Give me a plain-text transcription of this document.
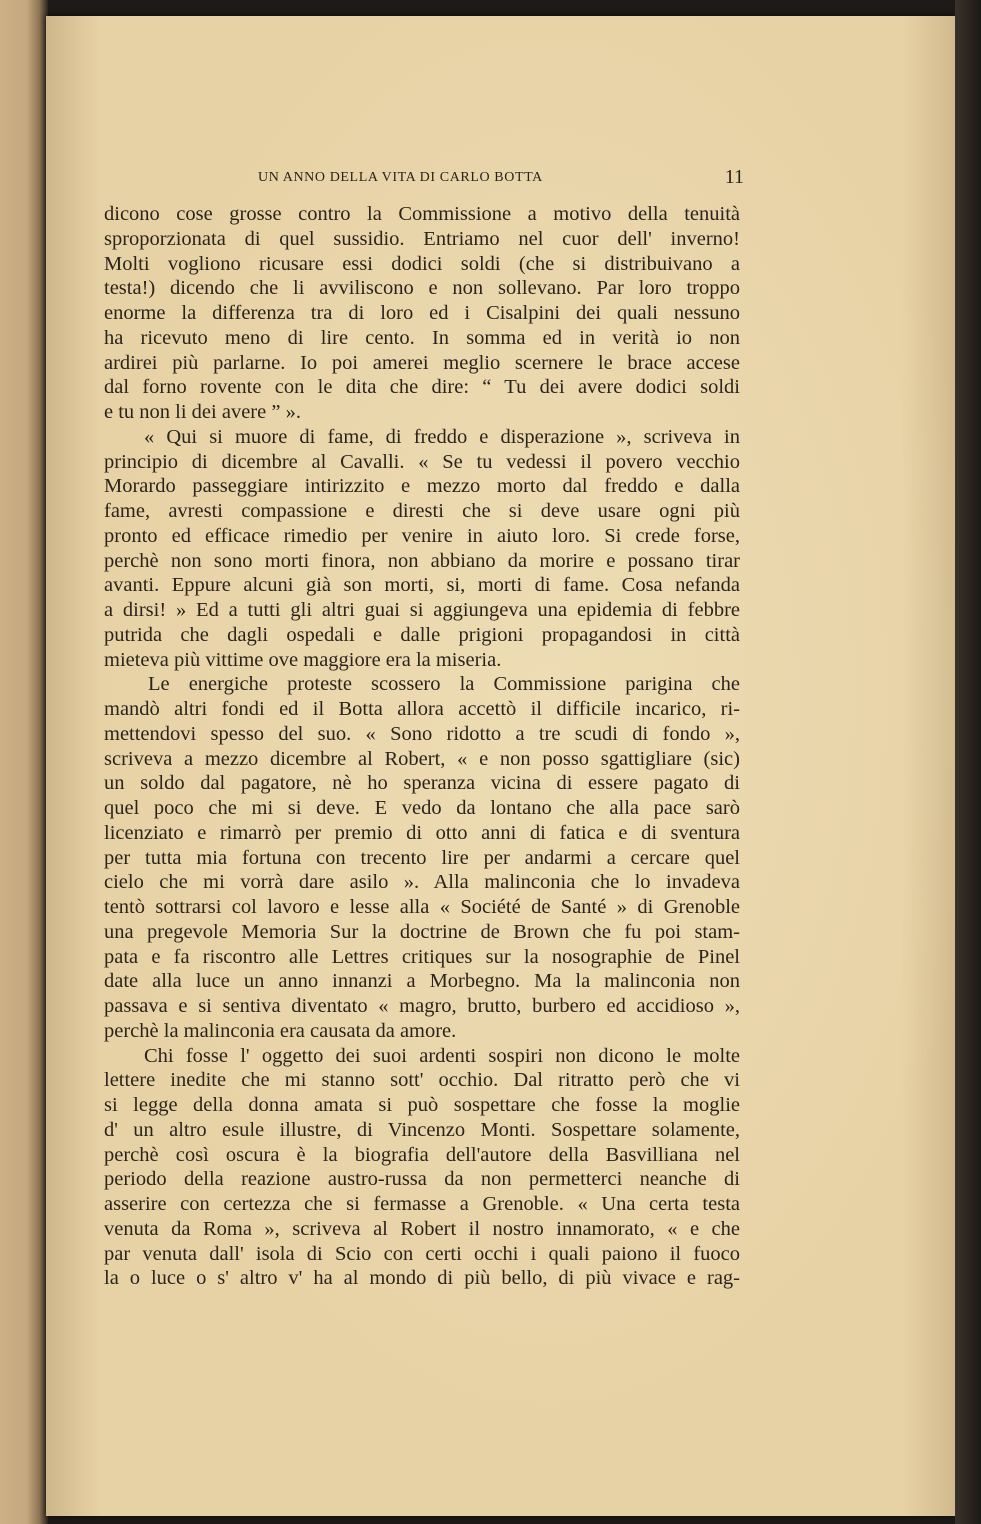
UN ANNO DELLA VITA DI CARLO BOTTA	11
dicono cose grosse contro la Commissione a motivo della tenuità
sproporzionata di quel sussidio. Entriamo nel cuor dell' inverno!
Molti vogliono ricusare essi dodici soldi (che si distribuivano a
testa!) dicendo che li avviliscono e non sollevano. Par loro troppo
enorme la differenza tra di loro ed i Cisalpini dei quali nessuno
ha ricevuto meno di lire cento. In somma ed in verità io non
ardirei più parlarne. Io poi amerei meglio scernere le brace accese
dal forno rovente con le dita che dire: “ Tu dei avere dodici soldi
e tu non li dei avere ” ».
« Qui si muore di fame, di freddo e disperazione », scriveva in
principio di dicembre al Cavalli. « Se tu vedessi il povero vecchio
Morardo passeggiare intirizzito e mezzo morto dal freddo e dalla
fame, avresti compassione e diresti che si deve usare ogni più
pronto ed efficace rimedio per venire in aiuto loro. Si crede forse,
perchè non sono morti finora, non abbiano da morire e possano tirar
avanti. Eppure alcuni già son morti, si, morti di fame. Cosa nefanda
a dirsi! » Ed a tutti gli altri guai si aggiungeva una epidemia di febbre
putrida che dagli ospedali e dalle prigioni propagandosi in città
mieteva più vittime ove maggiore era la miseria.
Le energiche proteste scossero la Commissione parigina che
mandò altri fondi ed il Botta allora accettò il difficile incarico, ri-
mettendovi spesso del suo. « Sono ridotto a tre scudi di fondo »,
scriveva a mezzo dicembre al Robert, « e non posso sgattigliare (sic)
un soldo dal pagatore, nè ho speranza vicina di essere pagato di
quel poco che mi si deve. E vedo da lontano che alla pace sarò
licenziato e rimarrò per premio di otto anni di fatica e di sventura
per tutta mia fortuna con trecento lire per andarmi a cercare quel
cielo che mi vorrà dare asilo ». Alla malinconia che lo invadeva
tentò sottrarsi col lavoro e lesse alla « Société de Santé » di Grenoble
una pregevole Memoria Sur la doctrine de Brown che fu poi stam-
pata e fa riscontro alle Lettres critiques sur la nosographie de Pinel
date alla luce un anno innanzi a Morbegno. Ma la malinconia non
passava e si sentiva diventato « magro, brutto, burbero ed accidioso »,
perchè la malinconia era causata da amore.
Chi fosse l' oggetto dei suoi ardenti sospiri non dicono le molte
lettere inedite che mi stanno sott' occhio. Dal ritratto però che vi
si legge della donna amata si può sospettare che fosse la moglie
d' un altro esule illustre, di Vincenzo Monti. Sospettare solamente,
perchè così oscura è la biografia dell'autore della Basvilliana nel
periodo della reazione austro-russa da non permetterci neanche di
asserire con certezza che si fermasse a Grenoble. « Una certa testa
venuta da Roma », scriveva al Robert il nostro innamorato, « e che
par venuta dall' isola di Scio con certi occhi i quali paiono il fuoco
la o luce o s' altro v' ha al mondo di più bello, di più vivace e rag-
